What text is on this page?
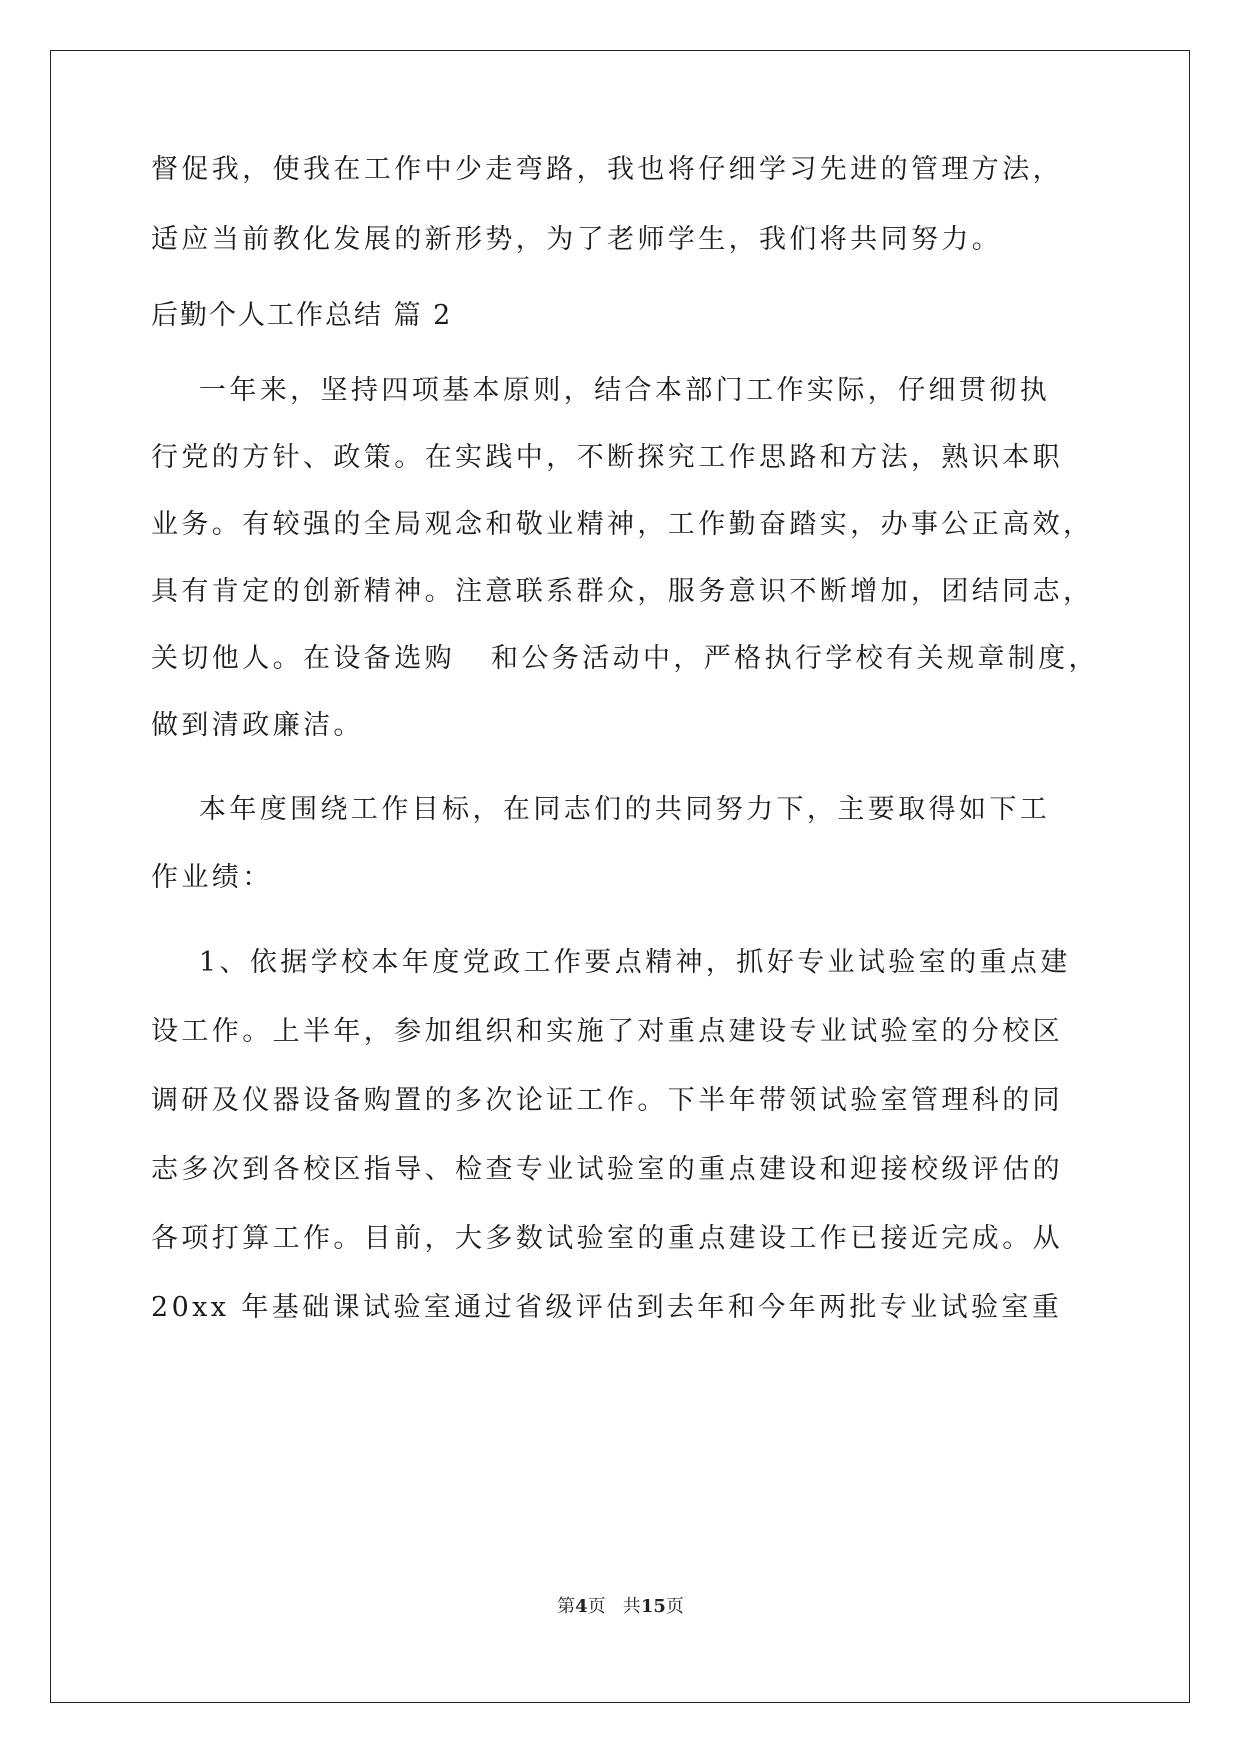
督促我，使我在工作中少走弯路，我也将仔细学习先进的管理方法，
适应当前教化发展的新形势，为了老师学生，我们将共同努力。
后勤个人工作总结 篇 2
一年来，坚持四项基本原则，结合本部门工作实际，仔细贯彻执
行党的方针、政策。在实践中，不断探究工作思路和方法，熟识本职
业务。有较强的全局观念和敬业精神，工作勤奋踏实，办事公正高效，
具有肯定的创新精神。注意联系群众，服务意识不断增加，团结同志，
关切他人。在设备选购   和公务活动中，严格执行学校有关规章制度，
做到清政廉洁。
本年度围绕工作目标，在同志们的共同努力下，主要取得如下工
作业绩：
1、依据学校本年度党政工作要点精神，抓好专业试验室的重点建
设工作。上半年，参加组织和实施了对重点建设专业试验室的分校区
调研及仪器设备购置的多次论证工作。下半年带领试验室管理科的同
志多次到各校区指导、检查专业试验室的重点建设和迎接校级评估的
各项打算工作。目前，大多数试验室的重点建设工作已接近完成。从
20xx 年基础课试验室通过省级评估到去年和今年两批专业试验室重
第4页   共15页
